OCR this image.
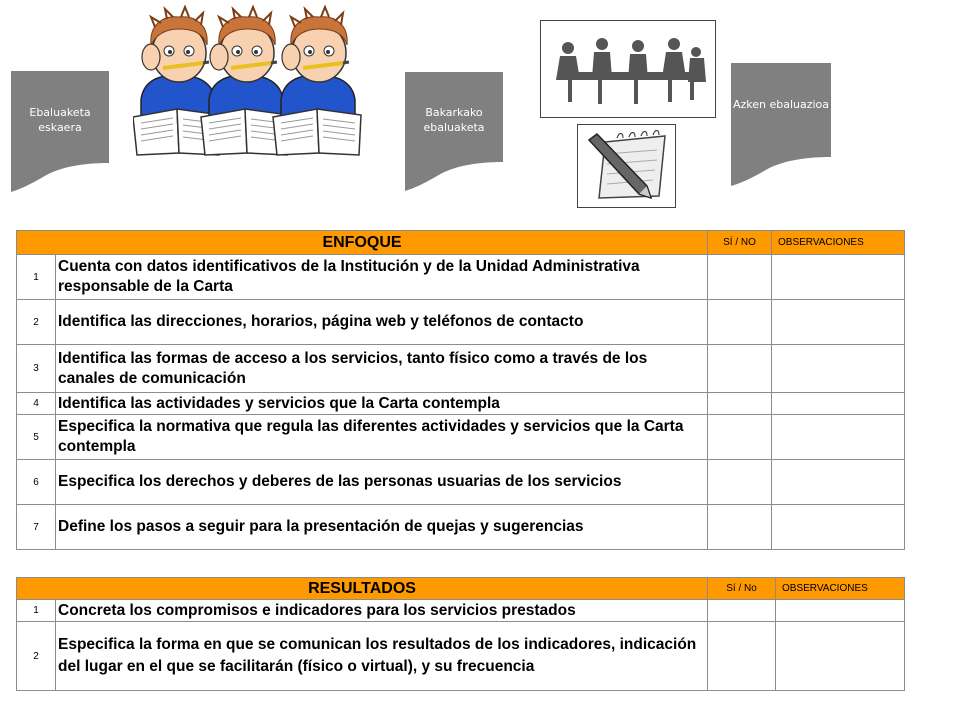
Ebaluaketa eskaera
Bakarkako ebaluaketa
Azken ebaluazioa
ENFOQUE		SÍ / NO	OBSERVACIONES
1	Cuenta con datos identificativos de la Institución y de la Unidad Administrativa responsable de la Carta		
2	Identifica las direcciones, horarios, página web y teléfonos de contacto		
3	Identifica las formas de acceso a los servicios, tanto físico como a través de los canales de comunicación		
4	Identifica las actividades y servicios que la Carta contempla		
5	Especifica la normativa que regula las diferentes actividades y servicios que la Carta contempla		
6	Especifica los derechos y deberes de las personas usuarias de los servicios		
7	Define los pasos a seguir para la presentación de quejas y sugerencias		
RESULTADOS		Sí / No	OBSERVACIONES
1	Concreta los compromisos e indicadores para los servicios prestados		
2	Especifica la forma en que se comunican los resultados de los indicadores, indicación del lugar en el que se facilitarán (físico o virtual), y su frecuencia		
